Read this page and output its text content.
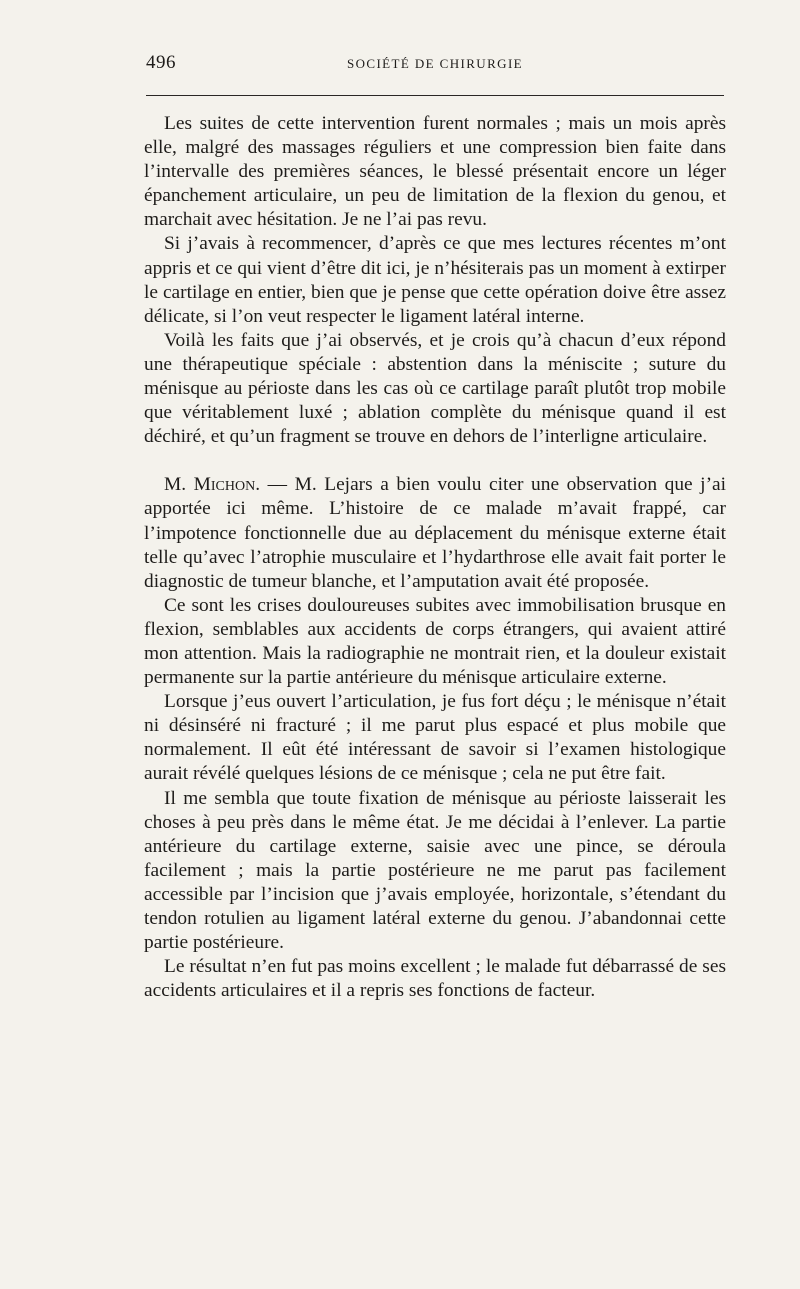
496	SOCIÉTÉ DE CHIRURGIE

Les suites de cette intervention furent normales ; mais un mois après elle, malgré des massages réguliers et une compression bien faite dans l’intervalle des premières séances, le blessé présentait encore un léger épanchement articulaire, un peu de limitation de la flexion du genou, et marchait avec hésitation. Je ne l’ai pas revu.

Si j’avais à recommencer, d’après ce que mes lectures récentes m’ont appris et ce qui vient d’être dit ici, je n’hésiterais pas un moment à extirper le cartilage en entier, bien que je pense que cette opération doive être assez délicate, si l’on veut respecter le ligament latéral interne.

Voilà les faits que j’ai observés, et je crois qu’à chacun d’eux répond une thérapeutique spéciale : abstention dans la méniscite ; suture du ménisque au périoste dans les cas où ce cartilage paraît plutôt trop mobile que véritablement luxé ; ablation complète du ménisque quand il est déchiré, et qu’un fragment se trouve en dehors de l’interligne articulaire.

M. Michon. — M. Lejars a bien voulu citer une observation que j’ai apportée ici même. L’histoire de ce malade m’avait frappé, car l’impotence fonctionnelle due au déplacement du ménisque externe était telle qu’avec l’atrophie musculaire et l’hydarthrose elle avait fait porter le diagnostic de tumeur blanche, et l’amputation avait été proposée.

Ce sont les crises douloureuses subites avec immobilisation brusque en flexion, semblables aux accidents de corps étrangers, qui avaient attiré mon attention. Mais la radiographie ne montrait rien, et la douleur existait permanente sur la partie antérieure du ménisque articulaire externe.

Lorsque j’eus ouvert l’articulation, je fus fort déçu ; le ménisque n’était ni désinséré ni fracturé ; il me parut plus espacé et plus mobile que normalement. Il eût été intéressant de savoir si l’examen histologique aurait révélé quelques lésions de ce ménisque ; cela ne put être fait.

Il me sembla que toute fixation de ménisque au périoste laisserait les choses à peu près dans le même état. Je me décidai à l’enlever. La partie antérieure du cartilage externe, saisie avec une pince, se déroula facilement ; mais la partie postérieure ne me parut pas facilement accessible par l’incision que j’avais employée, horizontale, s’étendant du tendon rotulien au ligament latéral externe du genou. J’abandonnai cette partie postérieure.

Le résultat n’en fut pas moins excellent ; le malade fut débarrassé de ses accidents articulaires et il a repris ses fonctions de facteur.
